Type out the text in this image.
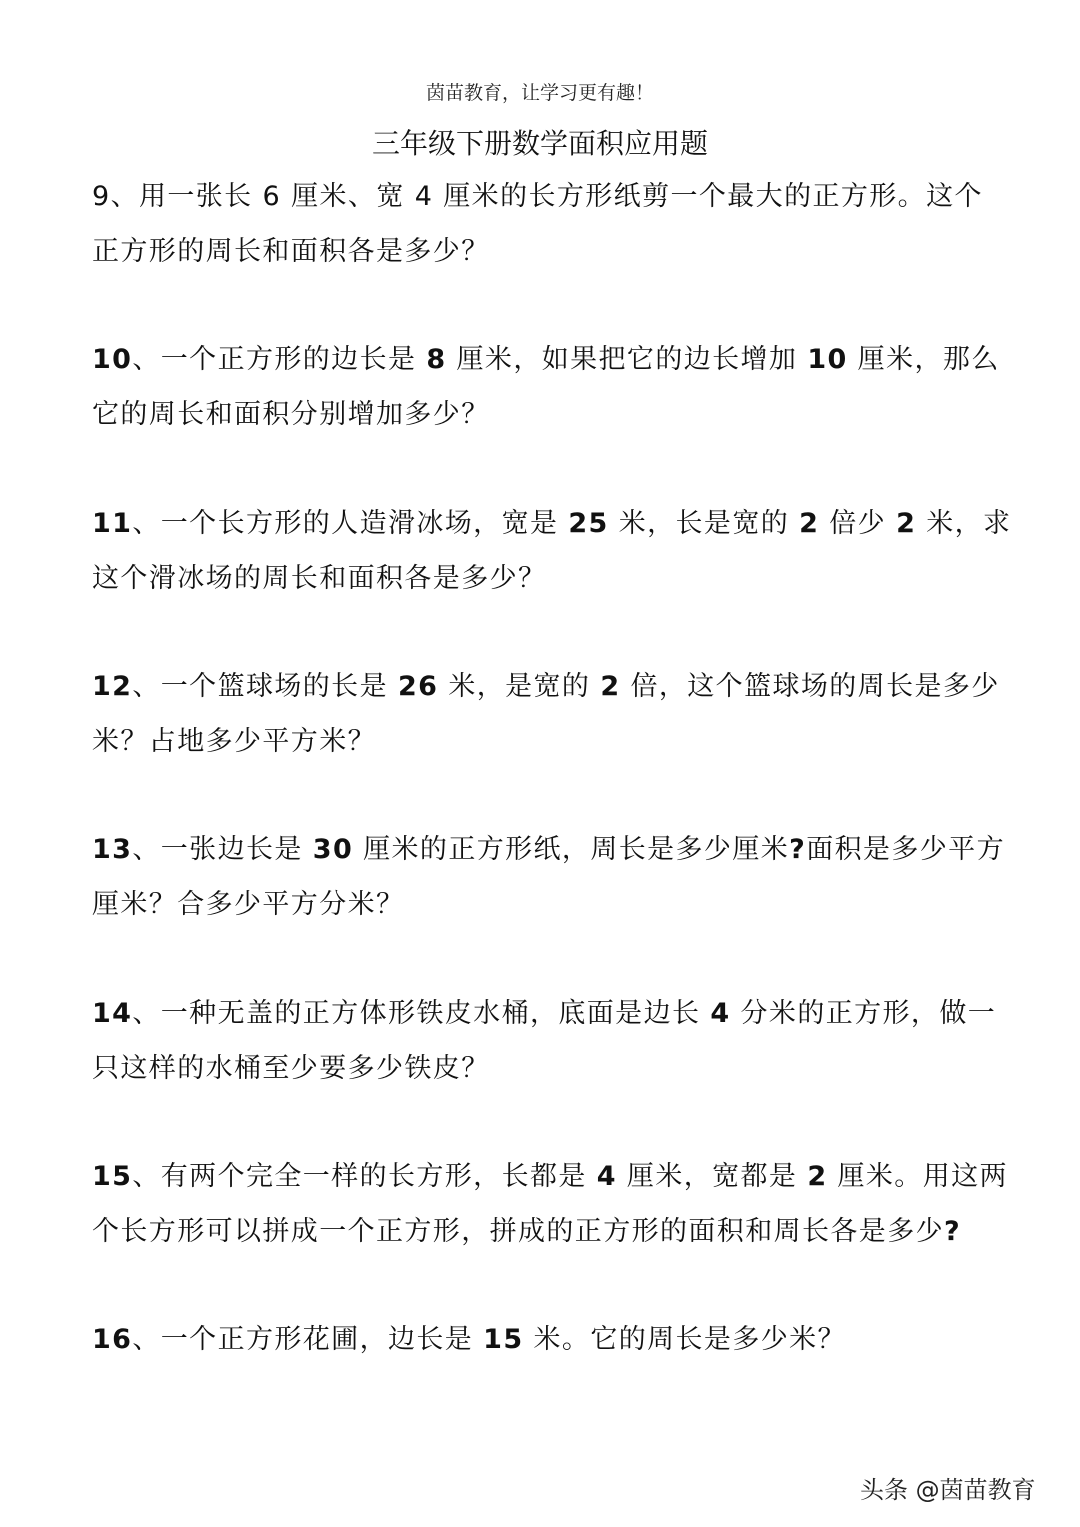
茵苗教育，让学习更有趣！
三年级下册数学面积应用题
9、用一张长 6 厘米、宽 4 厘米的长方形纸剪一个最大的正方形。这个
正方形的周长和面积各是多少？
10、一个正方形的边长是 8 厘米，如果把它的边长增加 10 厘米，那么
它的周长和面积分别增加多少？
11、一个长方形的人造滑冰场，宽是 25 米，长是宽的 2 倍少 2 米，求
这个滑冰场的周长和面积各是多少？
12、一个篮球场的长是 26 米，是宽的 2 倍，这个篮球场的周长是多少
米？占地多少平方米？
13、一张边长是 30 厘米的正方形纸，周长是多少厘米?面积是多少平方
厘米？合多少平方分米？
14、一种无盖的正方体形铁皮水桶，底面是边长 4 分米的正方形，做一
只这样的水桶至少要多少铁皮？
15、有两个完全一样的长方形，长都是 4 厘米，宽都是 2 厘米。用这两
个长方形可以拼成一个正方形，拼成的正方形的面积和周长各是多少?
16、一个正方形花圃，边长是 15 米。它的周长是多少米？
头条 @茵苗教育
